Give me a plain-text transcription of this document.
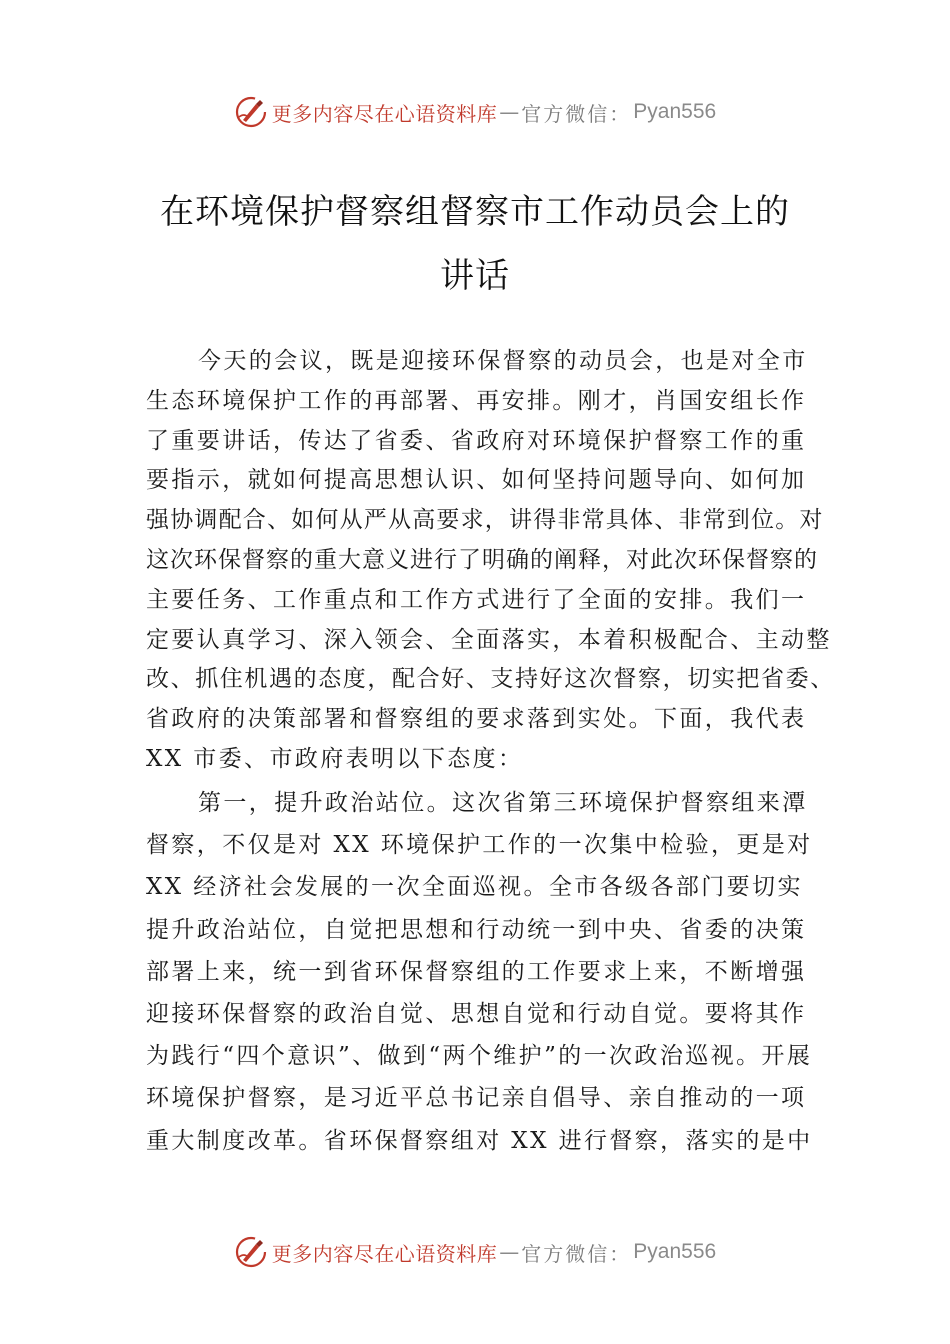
更多内容尽在心语资料库 — 官方微信： Pyan556
在环境保护督察组督察市工作动员会上的
讲话
今天的会议，既是迎接环保督察的动员会，也是对全市
生态环境保护工作的再部署、再安排。刚才，肖国安组长作
了重要讲话，传达了省委、省政府对环境保护督察工作的重
要指示，就如何提高思想认识、如何坚持问题导向、如何加
强协调配合、如何从严从高要求，讲得非常具体、非常到位。对
这次环保督察的重大意义进行了明确的阐释，对此次环保督察的
主要任务、工作重点和工作方式进行了全面的安排。我们一
定要认真学习、深入领会、全面落实，本着积极配合、主动整
改、抓住机遇的态度，配合好、支持好这次督察，切实把省委、
省政府的决策部署和督察组的要求落到实处。下面，我代表
XX 市委、市政府表明以下态度：
第一，提升政治站位。这次省第三环境保护督察组来潭
督察，不仅是对 XX 环境保护工作的一次集中检验，更是对
XX 经济社会发展的一次全面巡视。全市各级各部门要切实
提升政治站位，自觉把思想和行动统一到中央、省委的决策
部署上来，统一到省环保督察组的工作要求上来，不断增强
迎接环保督察的政治自觉、思想自觉和行动自觉。要将其作
为践行“四个意识”、做到“两个维护”的一次政治巡视。开展
环境保护督察，是习近平总书记亲自倡导、亲自推动的一项
重大制度改革。省环保督察组对 XX 进行督察，落实的是中
更多内容尽在心语资料库 — 官方微信： Pyan556
